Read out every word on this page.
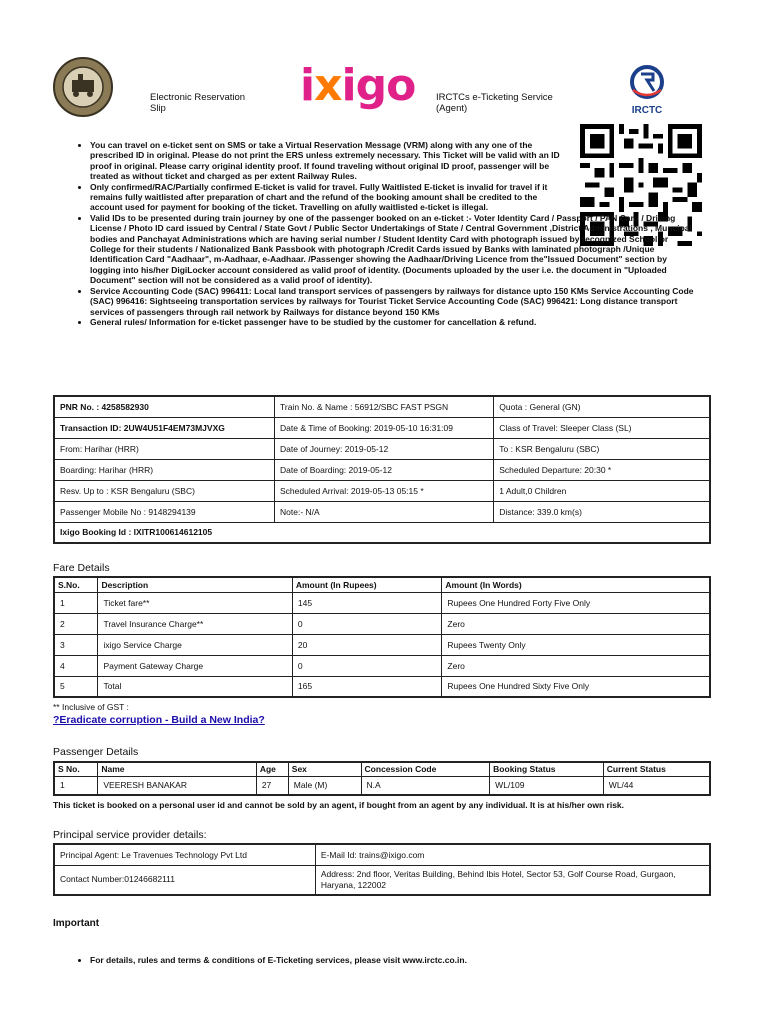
Electronic Reservation Slip	ixigo IRCTCs e-Ticketing Service (Agent)	IRCTC
• You can travel on e-ticket sent on SMS or take a Virtual Reservation Message (VRM) along with any one of the prescribed ID in original. Please do not print the ERS unless extremely necessary. This Ticket will be valid with an ID proof in original. Please carry original identity proof. If found traveling without original ID proof, passenger will be treated as without ticket and charged as per extent Railway Rules.
• Only confirmed/RAC/Partially confirmed E-ticket is valid for travel. Fully Waitlisted E-ticket is invalid for travel if it remains fully waitlisted after preparation of chart and the refund of the booking amount shall be credited to the account used for payment for booking of the ticket. Travelling on afully waitlisted e-ticket is illegal.
• Valid IDs to be presented during train journey by one of the passenger booked on an e-ticket :- Voter Identity Card / Passport / PAN Card / Driving License / Photo ID card issued by Central / State Govt / Public Sector Undertakings of State / Central Government ,District Administrations , Muncipal bodies and Panchayat Administrations which are having serial number / Student Identity Card with photograph issued by recognized School or College for their students / Nationalized Bank Passbook with photograph /Credit Cards issued by Banks with laminated photograph /Unique Identification Card "Aadhaar", m-Aadhaar, e-Aadhaar. /Passenger showing the Aadhaar/Driving Licence from the"Issued Document" section by logging into his/her DigiLocker account considered as valid proof of identity. (Documents uploaded by the user i.e. the document in "Uploaded Document" section will not be considered as a valid proof of identity).
• Service Accounting Code (SAC) 996411: Local land transport services of passengers by railways for distance upto 150 KMs Service Accounting Code (SAC) 996416: Sightseeing transportation services by railways for Tourist Ticket Service Accounting Code (SAC) 996421: Long distance transport services of passengers through rail network by Railways for distance beyond 150 KMs
• General rules/ Information for e-ticket passenger have to be studied by the customer for cancellation & refund.
PNR No. : 4258582930	Train No. & Name : 56912/SBC FAST PSGN	Quota : General (GN)
Transaction ID: 2UW4U51F4EM73MJVXG	Date & Time of Booking: 2019-05-10 16:31:09	Class of Travel: Sleeper Class (SL)
From: Harihar (HRR)	Date of Journey: 2019-05-12	To : KSR Bengaluru (SBC)
Boarding: Harihar (HRR)	Date of Boarding: 2019-05-12	Scheduled Departure: 20:30 *
Resv. Up to : KSR Bengaluru (SBC)	Scheduled Arrival: 2019-05-13 05:15 *	1 Adult,0 Children
Passenger Mobile No : 9148294139	Note:- N/A	Distance: 339.0 km(s)
Ixigo Booking Id : IXITR100614612105		
Fare Details
S.No.	Description	Amount (In Rupees)	Amount (In Words)
1	Ticket fare**	145	Rupees One Hundred Forty Five Only
2	Travel Insurance Charge**	0	Zero
3	ixigo Service Charge	20	Rupees Twenty Only
4	Payment Gateway Charge	0	Zero
5	Total	165	Rupees One Hundred Sixty Five Only
** Inclusive of GST :
?Eradicate corruption - Build a New India?
Passenger Details
S No.	Name	Age	Sex	Concession Code	Booking Status	Current Status
1	VEERESH BANAKAR	27	Male (M)	N.A	WL/109	WL/44
This ticket is booked on a personal user id and cannot be sold by an agent, if bought from an agent by any individual. It is at his/her own risk.
Principal service provider details:
Principal Agent: Le Travenues Technology Pvt Ltd	E-Mail Id: trains@ixigo.com
Contact Number:01246682111	Address: 2nd floor, Veritas Building, Behind Ibis Hotel, Sector 53, Golf Course Road, Gurgaon, Haryana, 122002
Important
• For details, rules and terms & conditions of E-Ticketing services, please visit www.irctc.co.in.
